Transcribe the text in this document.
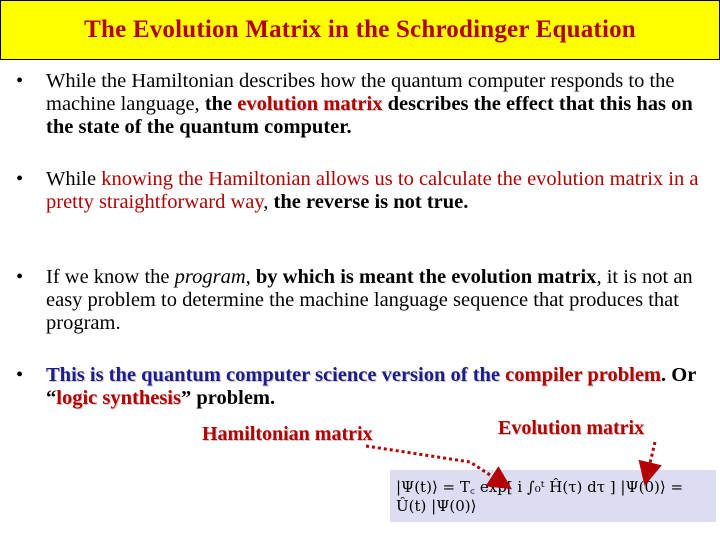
The Evolution Matrix in the Schrodinger Equation
• While the Hamiltonian describes how the quantum computer responds to the machine language, the evolution matrix describes the effect that this has on the state of the quantum computer.
• While knowing the Hamiltonian allows us to calculate the evolution matrix in a pretty straightforward way, the reverse is not true.
• If we know the program, by which is meant the evolution matrix, it is not an easy problem to determine the machine language sequence that produces that program.
• This is the quantum computer science version of the compiler problem. Or “logic synthesis” problem.
Hamiltonian matrix	Evolution matrix
|Ψ(t)⟩ = T꜀ exp[ i ∫₀ᵗ Ĥ(τ) dτ ] |Ψ(0)⟩ = Û(t) |Ψ(0)⟩
